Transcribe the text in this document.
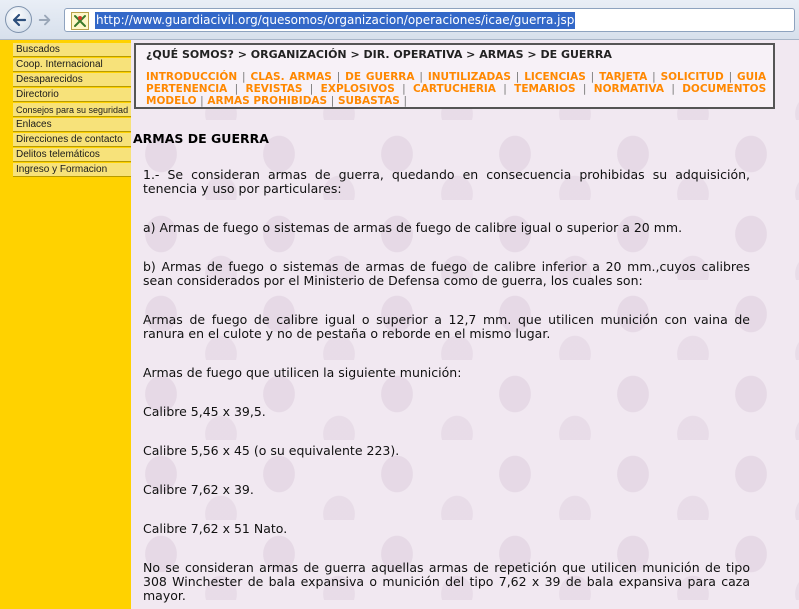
http://www.guardiacivil.org/quesomos/organizacion/operaciones/icae/guerra.jsp
Buscados
Coop. Internacional
Desaparecidos
Directorio
Consejos para su seguridad
Enlaces
Direcciones de contacto
Delitos telemáticos
Ingreso y Formacion
¿QUÉ SOMOS? > ORGANIZACIÓN > DIR. OPERATIVA > ARMAS > DE GUERRA
INTRODUCCIÓN | CLAS. ARMAS | DE GUERRA | INUTILIZADAS | LICENCIAS | TARJETA | SOLICITUD | GUIA PERTENENCIA | REVISTAS | EXPLOSIVOS | CARTUCHERIA | TEMARIOS | NORMATIVA | DOCUMENTOS MODELO | ARMAS PROHIBIDAS | SUBASTAS |
ARMAS DE GUERRA

1.- Se consideran armas de guerra, quedando en consecuencia prohibidas su adquisición, tenencia y uso por particulares:

a) Armas de fuego o sistemas de armas de fuego de calibre igual o superior a 20 mm.

b) Armas de fuego o sistemas de armas de fuego de calibre inferior a 20 mm.,cuyos calibres sean considerados por el Ministerio de Defensa como de guerra, los cuales son:

Armas de fuego de calibre igual o superior a 12,7 mm. que utilicen munición con vaina de ranura en el culote y no de pestaña o reborde en el mismo lugar.

Armas de fuego que utilicen la siguiente munición:

Calibre 5,45 x 39,5.

Calibre 5,56 x 45 (o su equivalente 223).

Calibre 7,62 x 39.

Calibre 7,62 x 51 Nato.

No se consideran armas de guerra aquellas armas de repetición que utilicen munición de tipo 308 Winchester de bala expansiva o munición del tipo 7,62 x 39 de bala expansiva para caza mayor.
